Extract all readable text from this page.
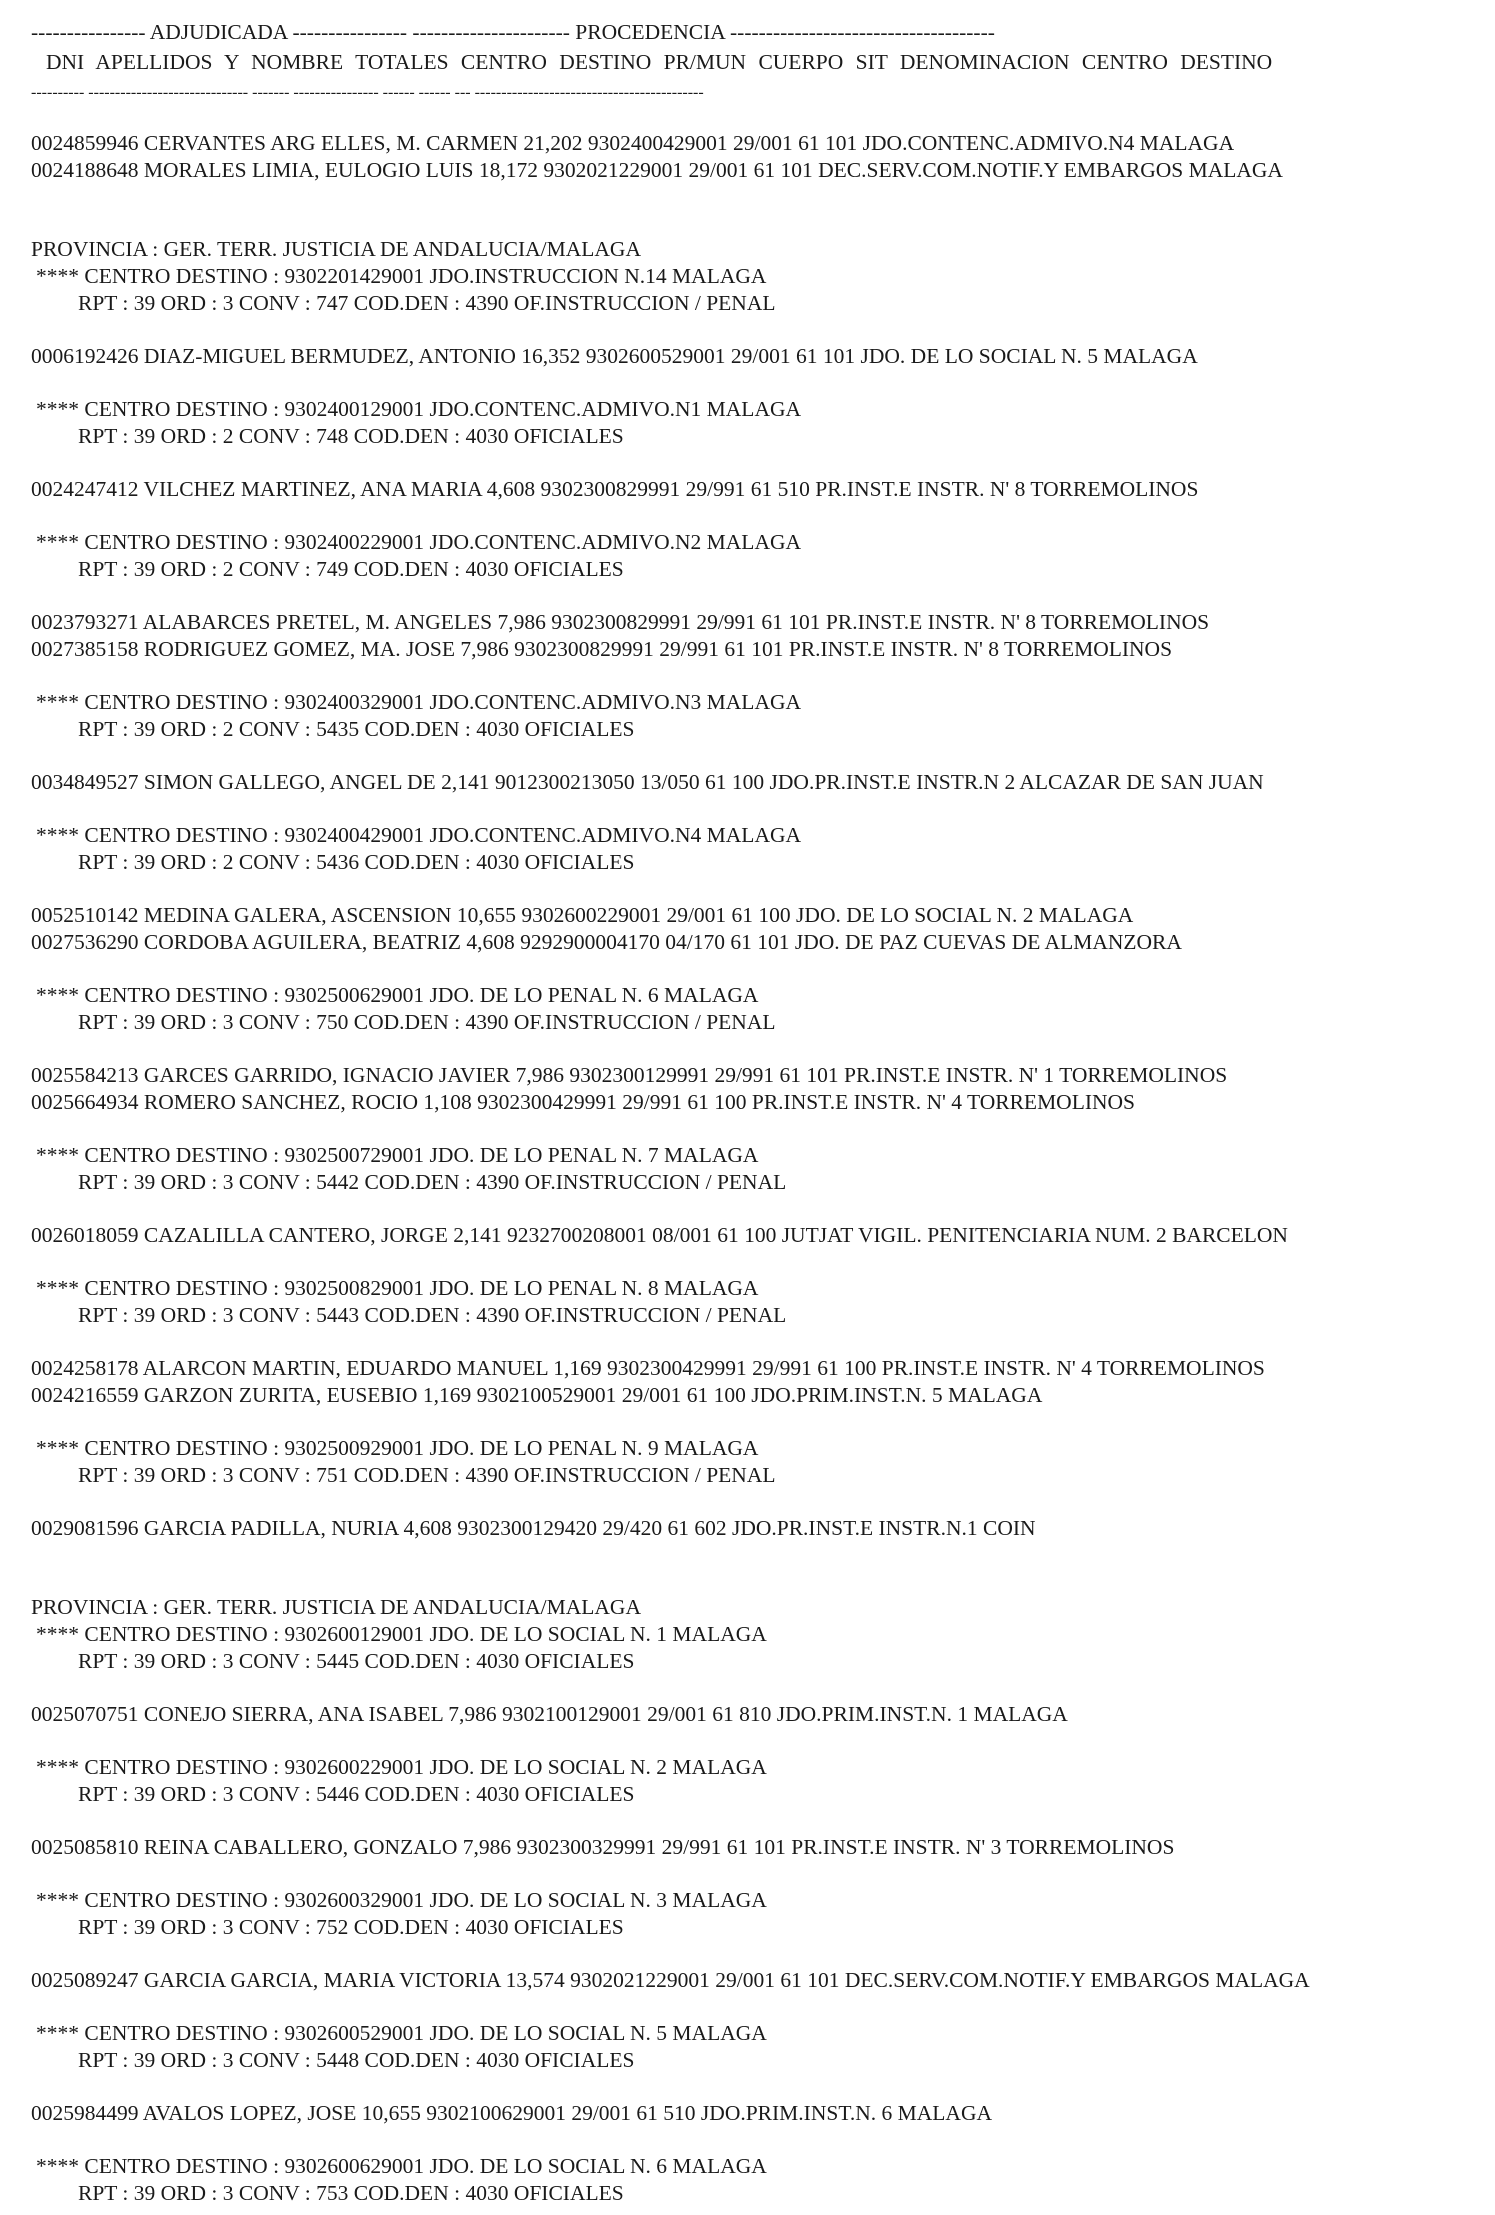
---------------- ADJUDICADA ---------------- ---------------------- PROCEDENCIA -------------------------------------
DNI APELLIDOS Y NOMBRE TOTALES CENTRO DESTINO PR/MUN CUERPO SIT DENOMINACION CENTRO DESTINO
---------- ------------------------------ ------- ---------------- ------ ------ --- -------------------------------------------
0024859946 CERVANTES ARG ELLES, M. CARMEN 21,202 9302400429001 29/001 61 101 JDO.CONTENC.ADMIVO.N4 MALAGA
0024188648 MORALES LIMIA, EULOGIO LUIS 18,172 9302021229001 29/001 61 101 DEC.SERV.COM.NOTIF.Y EMBARGOS MALAGA
PROVINCIA : GER. TERR. JUSTICIA DE ANDALUCIA/MALAGA
**** CENTRO DESTINO : 9302201429001 JDO.INSTRUCCION N.14 MALAGA
RPT : 39 ORD : 3 CONV : 747 COD.DEN : 4390 OF.INSTRUCCION / PENAL
0006192426 DIAZ-MIGUEL BERMUDEZ, ANTONIO 16,352 9302600529001 29/001 61 101 JDO. DE LO SOCIAL N. 5 MALAGA
**** CENTRO DESTINO : 9302400129001 JDO.CONTENC.ADMIVO.N1 MALAGA
RPT : 39 ORD : 2 CONV : 748 COD.DEN : 4030 OFICIALES
0024247412 VILCHEZ MARTINEZ, ANA MARIA 4,608 9302300829991 29/991 61 510 PR.INST.E INSTR. N' 8 TORREMOLINOS
**** CENTRO DESTINO : 9302400229001 JDO.CONTENC.ADMIVO.N2 MALAGA
RPT : 39 ORD : 2 CONV : 749 COD.DEN : 4030 OFICIALES
0023793271 ALABARCES PRETEL, M. ANGELES 7,986 9302300829991 29/991 61 101 PR.INST.E INSTR. N' 8 TORREMOLINOS
0027385158 RODRIGUEZ GOMEZ, MA. JOSE 7,986 9302300829991 29/991 61 101 PR.INST.E INSTR. N' 8 TORREMOLINOS
**** CENTRO DESTINO : 9302400329001 JDO.CONTENC.ADMIVO.N3 MALAGA
RPT : 39 ORD : 2 CONV : 5435 COD.DEN : 4030 OFICIALES
0034849527 SIMON GALLEGO, ANGEL DE 2,141 9012300213050 13/050 61 100 JDO.PR.INST.E INSTR.N 2 ALCAZAR DE SAN JUAN
**** CENTRO DESTINO : 9302400429001 JDO.CONTENC.ADMIVO.N4 MALAGA
RPT : 39 ORD : 2 CONV : 5436 COD.DEN : 4030 OFICIALES
0052510142 MEDINA GALERA, ASCENSION 10,655 9302600229001 29/001 61 100 JDO. DE LO SOCIAL N. 2 MALAGA
0027536290 CORDOBA AGUILERA, BEATRIZ 4,608 9292900004170 04/170 61 101 JDO. DE PAZ CUEVAS DE ALMANZORA
**** CENTRO DESTINO : 9302500629001 JDO. DE LO PENAL N. 6 MALAGA
RPT : 39 ORD : 3 CONV : 750 COD.DEN : 4390 OF.INSTRUCCION / PENAL
0025584213 GARCES GARRIDO, IGNACIO JAVIER 7,986 9302300129991 29/991 61 101 PR.INST.E INSTR. N' 1 TORREMOLINOS
0025664934 ROMERO SANCHEZ, ROCIO 1,108 9302300429991 29/991 61 100 PR.INST.E INSTR. N' 4 TORREMOLINOS
**** CENTRO DESTINO : 9302500729001 JDO. DE LO PENAL N. 7 MALAGA
RPT : 39 ORD : 3 CONV : 5442 COD.DEN : 4390 OF.INSTRUCCION / PENAL
0026018059 CAZALILLA CANTERO, JORGE 2,141 9232700208001 08/001 61 100 JUTJAT VIGIL. PENITENCIARIA NUM. 2 BARCELON
**** CENTRO DESTINO : 9302500829001 JDO. DE LO PENAL N. 8 MALAGA
RPT : 39 ORD : 3 CONV : 5443 COD.DEN : 4390 OF.INSTRUCCION / PENAL
0024258178 ALARCON MARTIN, EDUARDO MANUEL 1,169 9302300429991 29/991 61 100 PR.INST.E INSTR. N' 4 TORREMOLINOS
0024216559 GARZON ZURITA, EUSEBIO 1,169 9302100529001 29/001 61 100 JDO.PRIM.INST.N. 5 MALAGA
**** CENTRO DESTINO : 9302500929001 JDO. DE LO PENAL N. 9 MALAGA
RPT : 39 ORD : 3 CONV : 751 COD.DEN : 4390 OF.INSTRUCCION / PENAL
0029081596 GARCIA PADILLA, NURIA 4,608 9302300129420 29/420 61 602 JDO.PR.INST.E INSTR.N.1 COIN
PROVINCIA : GER. TERR. JUSTICIA DE ANDALUCIA/MALAGA
**** CENTRO DESTINO : 9302600129001 JDO. DE LO SOCIAL N. 1 MALAGA
RPT : 39 ORD : 3 CONV : 5445 COD.DEN : 4030 OFICIALES
0025070751 CONEJO SIERRA, ANA ISABEL 7,986 9302100129001 29/001 61 810 JDO.PRIM.INST.N. 1 MALAGA
**** CENTRO DESTINO : 9302600229001 JDO. DE LO SOCIAL N. 2 MALAGA
RPT : 39 ORD : 3 CONV : 5446 COD.DEN : 4030 OFICIALES
0025085810 REINA CABALLERO, GONZALO 7,986 9302300329991 29/991 61 101 PR.INST.E INSTR. N' 3 TORREMOLINOS
**** CENTRO DESTINO : 9302600329001 JDO. DE LO SOCIAL N. 3 MALAGA
RPT : 39 ORD : 3 CONV : 752 COD.DEN : 4030 OFICIALES
0025089247 GARCIA GARCIA, MARIA VICTORIA 13,574 9302021229001 29/001 61 101 DEC.SERV.COM.NOTIF.Y EMBARGOS MALAGA
**** CENTRO DESTINO : 9302600529001 JDO. DE LO SOCIAL N. 5 MALAGA
RPT : 39 ORD : 3 CONV : 5448 COD.DEN : 4030 OFICIALES
0025984499 AVALOS LOPEZ, JOSE 10,655 9302100629001 29/001 61 510 JDO.PRIM.INST.N. 6 MALAGA
**** CENTRO DESTINO : 9302600629001 JDO. DE LO SOCIAL N. 6 MALAGA
RPT : 39 ORD : 3 CONV : 753 COD.DEN : 4030 OFICIALES
